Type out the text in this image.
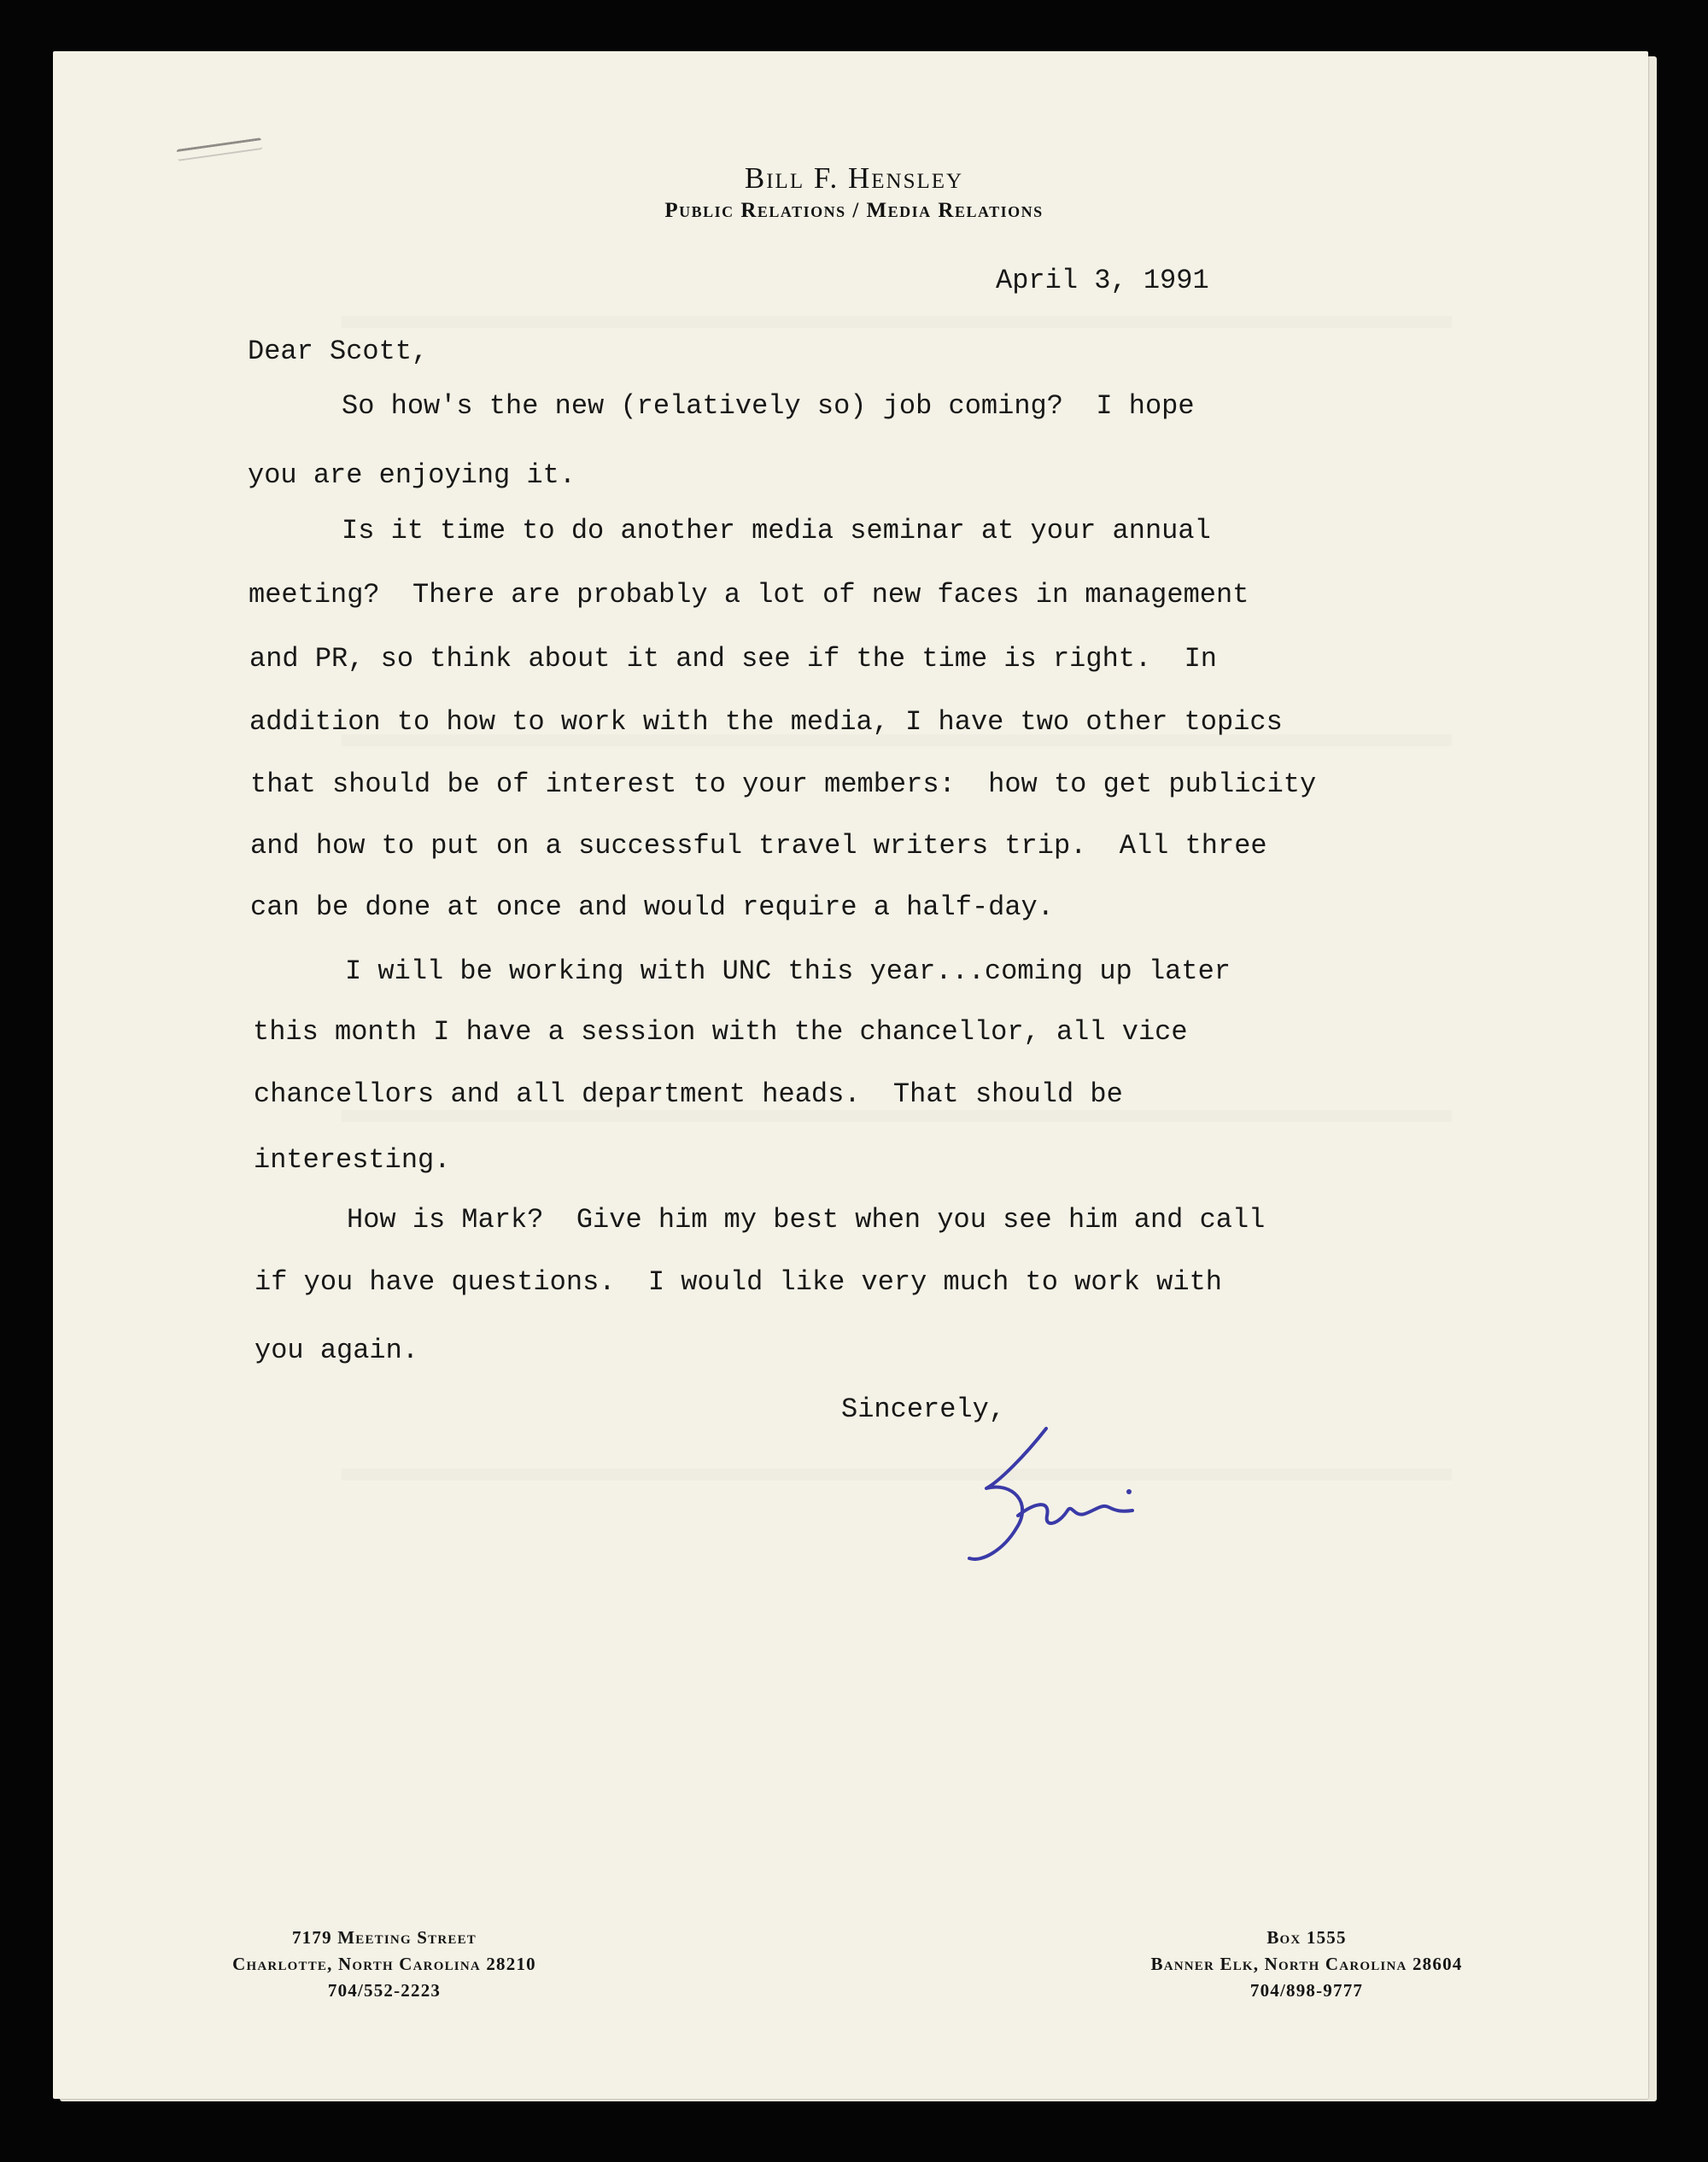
Bill F. Hensley
Public Relations / Media Relations
April 3, 1991
Dear Scott,
So how's the new (relatively so) job coming?  I hope
you are enjoying it.
Is it time to do another media seminar at your annual
meeting?  There are probably a lot of new faces in management
and PR, so think about it and see if the time is right.  In
addition to how to work with the media, I have two other topics
that should be of interest to your members:  how to get publicity
and how to put on a successful travel writers trip.  All three
can be done at once and would require a half-day.
I will be working with UNC this year...coming up later
this month I have a session with the chancellor, all vice
chancellors and all department heads.  That should be
interesting.
How is Mark?  Give him my best when you see him and call
if you have questions.  I would like very much to work with
you again.
Sincerely,
7179 Meeting Street
Charlotte, North Carolina 28210
704/552-2223
Box 1555
Banner Elk, North Carolina 28604
704/898-9777
